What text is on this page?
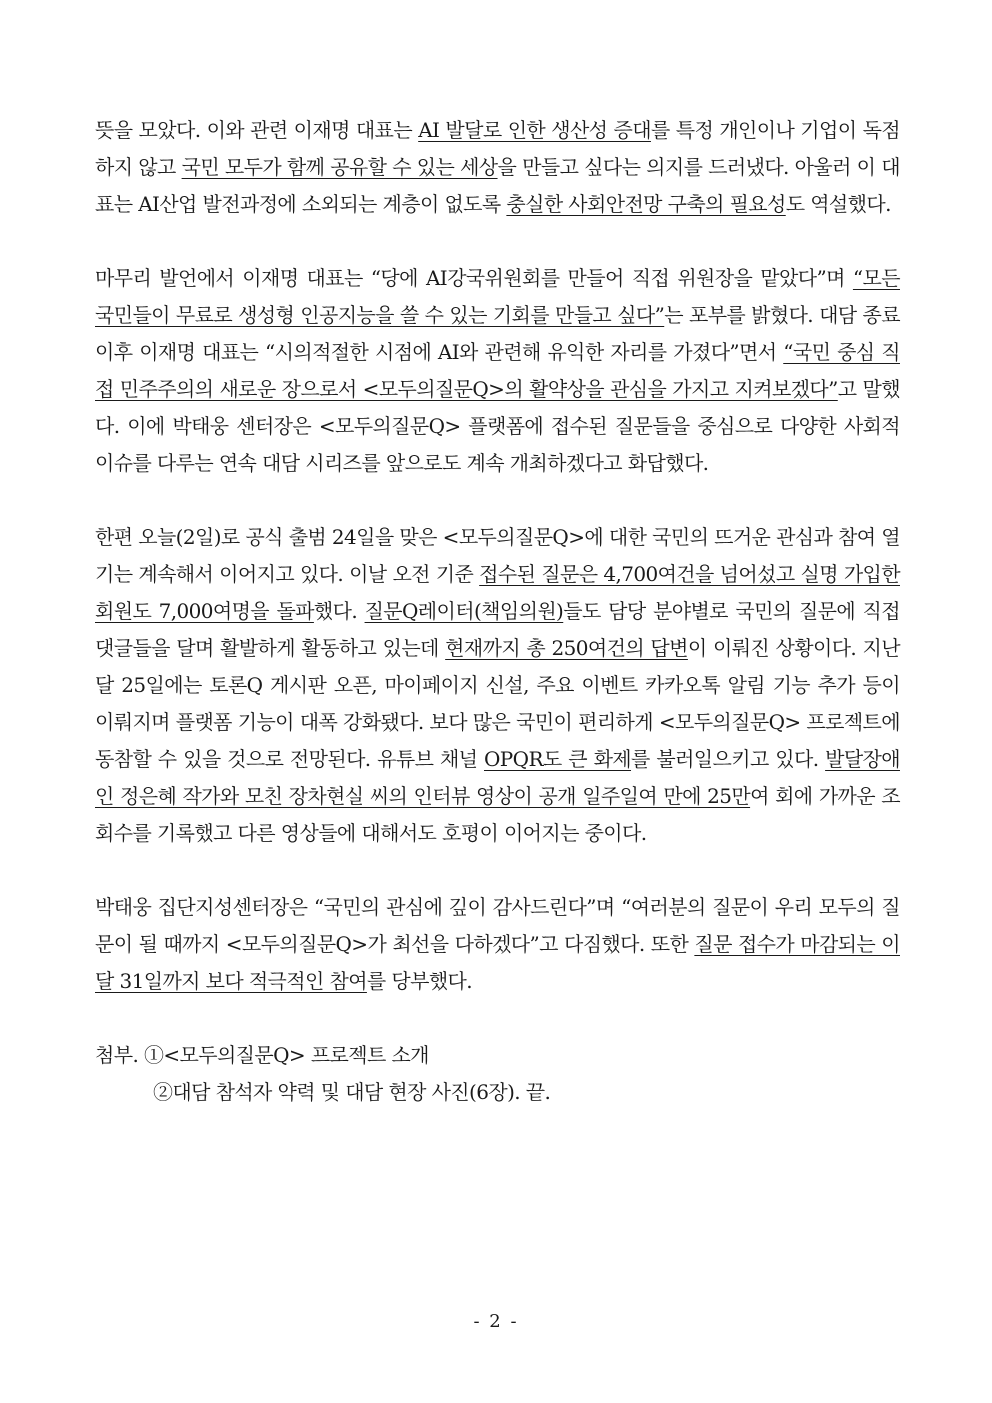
뜻을 모았다. 이와 관련 이재명 대표는 AI 발달로 인한 생산성 증대를 특정 개인이나 기업이 독점하지 않고 국민 모두가 함께 공유할 수 있는 세상을 만들고 싶다는 의지를 드러냈다. 아울러 이 대표는 AI산업 발전과정에 소외되는 계층이 없도록 충실한 사회안전망 구축의 필요성도 역설했다.

마무리 발언에서 이재명 대표는 “당에 AI강국위원회를 만들어 직접 위원장을 맡았다”며 “모든 국민들이 무료로 생성형 인공지능을 쓸 수 있는 기회를 만들고 싶다”는 포부를 밝혔다. 대담 종료 이후 이재명 대표는 “시의적절한 시점에 AI와 관련해 유익한 자리를 가졌다”면서 “국민 중심 직접 민주주의의 새로운 장으로서 <모두의질문Q>의 활약상을 관심을 가지고 지켜보겠다”고 말했다. 이에 박태웅 센터장은 <모두의질문Q> 플랫폼에 접수된 질문들을 중심으로 다양한 사회적 이슈를 다루는 연속 대담 시리즈를 앞으로도 계속 개최하겠다고 화답했다.

한편 오늘(2일)로 공식 출범 24일을 맞은 <모두의질문Q>에 대한 국민의 뜨거운 관심과 참여 열기는 계속해서 이어지고 있다. 이날 오전 기준 접수된 질문은 4,700여건을 넘어섰고 실명 가입한 회원도 7,000여명을 돌파했다. 질문Q레이터(책임의원)들도 담당 분야별로 국민의 질문에 직접 댓글들을 달며 활발하게 활동하고 있는데 현재까지 총 250여건의 답변이 이뤄진 상황이다. 지난달 25일에는 토론Q 게시판 오픈, 마이페이지 신설, 주요 이벤트 카카오톡 알림 기능 추가 등이 이뤄지며 플랫폼 기능이 대폭 강화됐다. 보다 많은 국민이 편리하게 <모두의질문Q> 프로젝트에 동참할 수 있을 것으로 전망된다. 유튜브 채널 OPQR도 큰 화제를 불러일으키고 있다. 발달장애인 정은혜 작가와 모친 장차현실 씨의 인터뷰 영상이 공개 일주일여 만에 25만여 회에 가까운 조회수를 기록했고 다른 영상들에 대해서도 호평이 이어지는 중이다.

박태웅 집단지성센터장은 “국민의 관심에 깊이 감사드린다”며 “여러분의 질문이 우리 모두의 질문이 될 때까지 <모두의질문Q>가 최선을 다하겠다”고 다짐했다. 또한 질문 접수가 마감되는 이달 31일까지 보다 적극적인 참여를 당부했다.

첨부. ①<모두의질문Q> 프로젝트 소개
②대담 참석자 약력 및 대담 현장 사진(6장). 끝.
- 2 -
